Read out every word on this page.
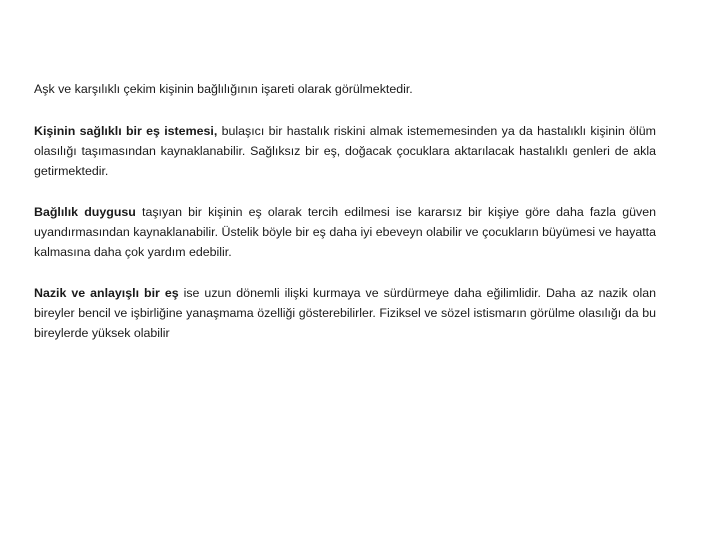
Aşk ve karşılıklı çekim kişinin bağlılığının işareti olarak görülmektedir.

Kişinin sağlıklı bir eş istemesi, bulaşıcı bir hastalık riskini almak istememesinden ya da hastalıklı kişinin ölüm olasılığı taşımasından kaynaklanabilir. Sağlıksız bir eş, doğacak çocuklara aktarılacak hastalıklı genleri de akla getirmektedir.

Bağlılık duygusu taşıyan bir kişinin eş olarak tercih edilmesi ise kararsız bir kişiye göre daha fazla güven uyandırmasından kaynaklanabilir. Üstelik böyle bir eş daha iyi ebeveyn olabilir ve çocukların büyümesi ve hayatta kalmasına daha çok yardım edebilir.

Nazik ve anlayışlı bir eş ise uzun dönemli ilişki kurmaya ve sürdürmeye daha eğilimlidir. Daha az nazik olan bireyler bencil ve işbirliğine yanaşmama özelliği gösterebilirler. Fiziksel ve sözel istismarın görülme olasılığı da bu bireylerde yüksek olabilir
